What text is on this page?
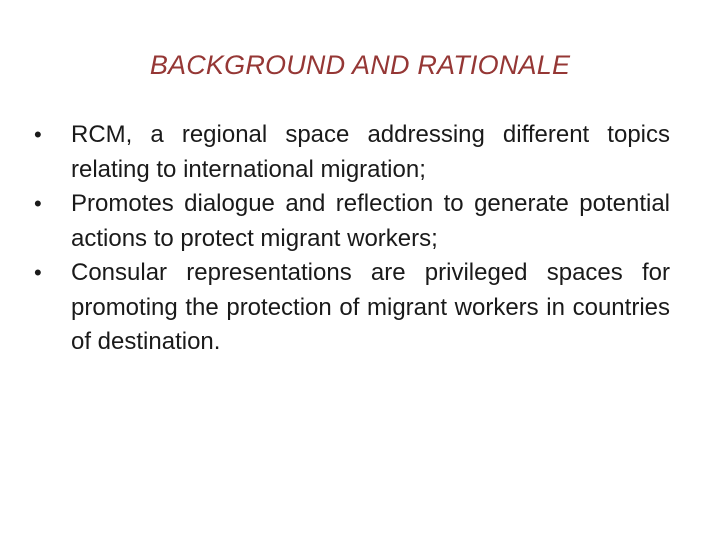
BACKGROUND AND RATIONALE
•	RCM, a regional space addressing different topics relating to international migration;
•	Promotes dialogue and reflection to generate potential actions to protect migrant workers;
•	Consular representations are privileged spaces for promoting the protection of migrant workers in countries of destination.
